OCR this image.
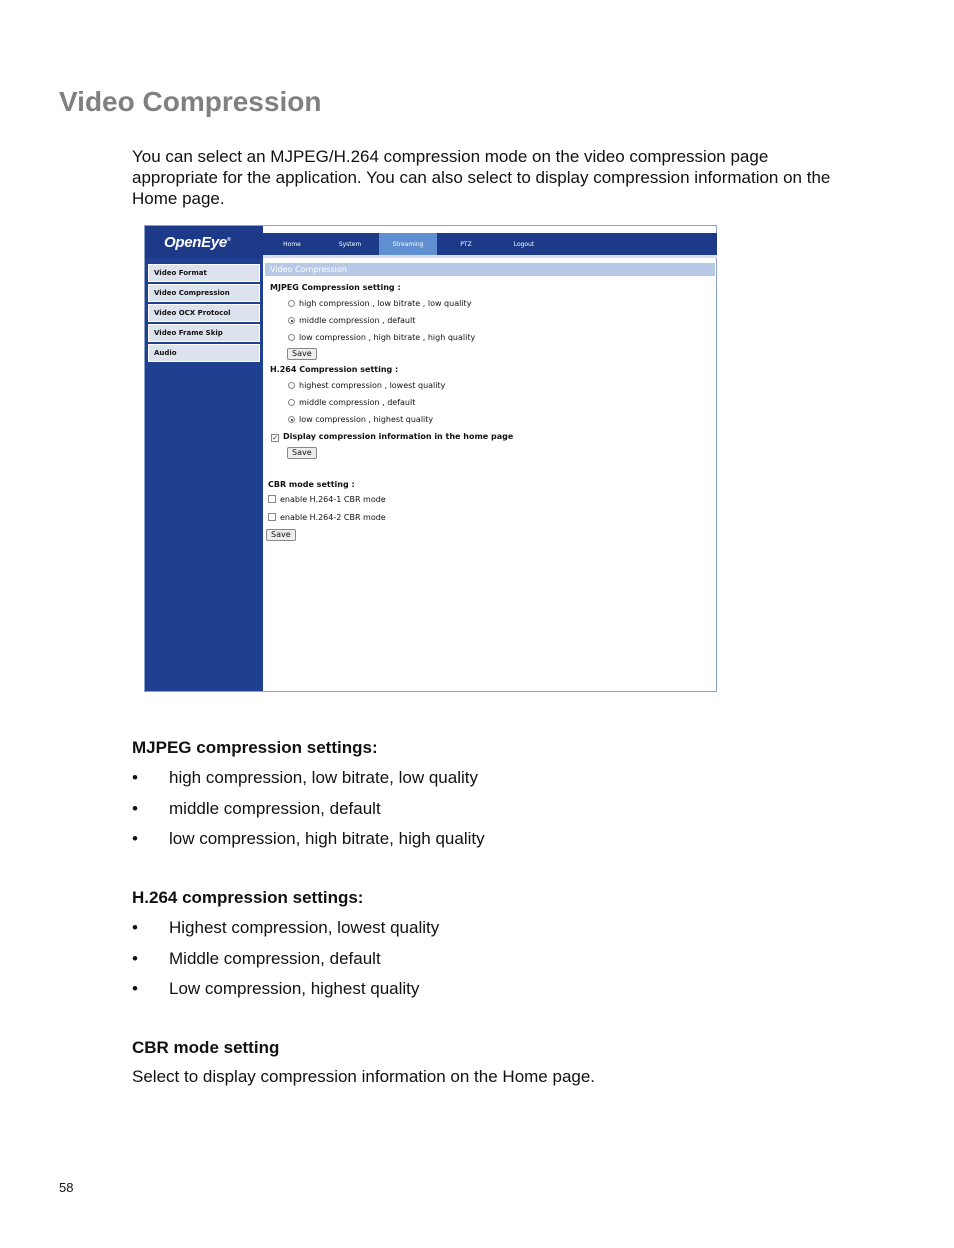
Video Compression
You can select an MJPEG/H.264 compression mode on the video compression page appropriate for the application. You can also select to display compression information on the Home page.
OpenEye®
Video Format
Video Compression
Video OCX Protocol
Video Frame Skip
Audio
Home	System	Streaming	PTZ	Logout
Video Compression
MJPEG Compression setting :
high compression , low bitrate , low quality
middle compression , default
low compression , high bitrate , high quality
Save
H.264 Compression setting :
highest compression , lowest quality
middle compression , default
low compression , highest quality
✓ Display compression information in the home page
Save
CBR mode setting :
enable H.264-1 CBR mode
enable H.264-2 CBR mode
Save
MJPEG compression settings:
• high compression, low bitrate, low quality
• middle compression, default
• low compression, high bitrate, high quality
H.264 compression settings:
• Highest compression, lowest quality
• Middle compression, default
• Low compression, highest quality
CBR mode setting
Select to display compression information on the Home page.
58
